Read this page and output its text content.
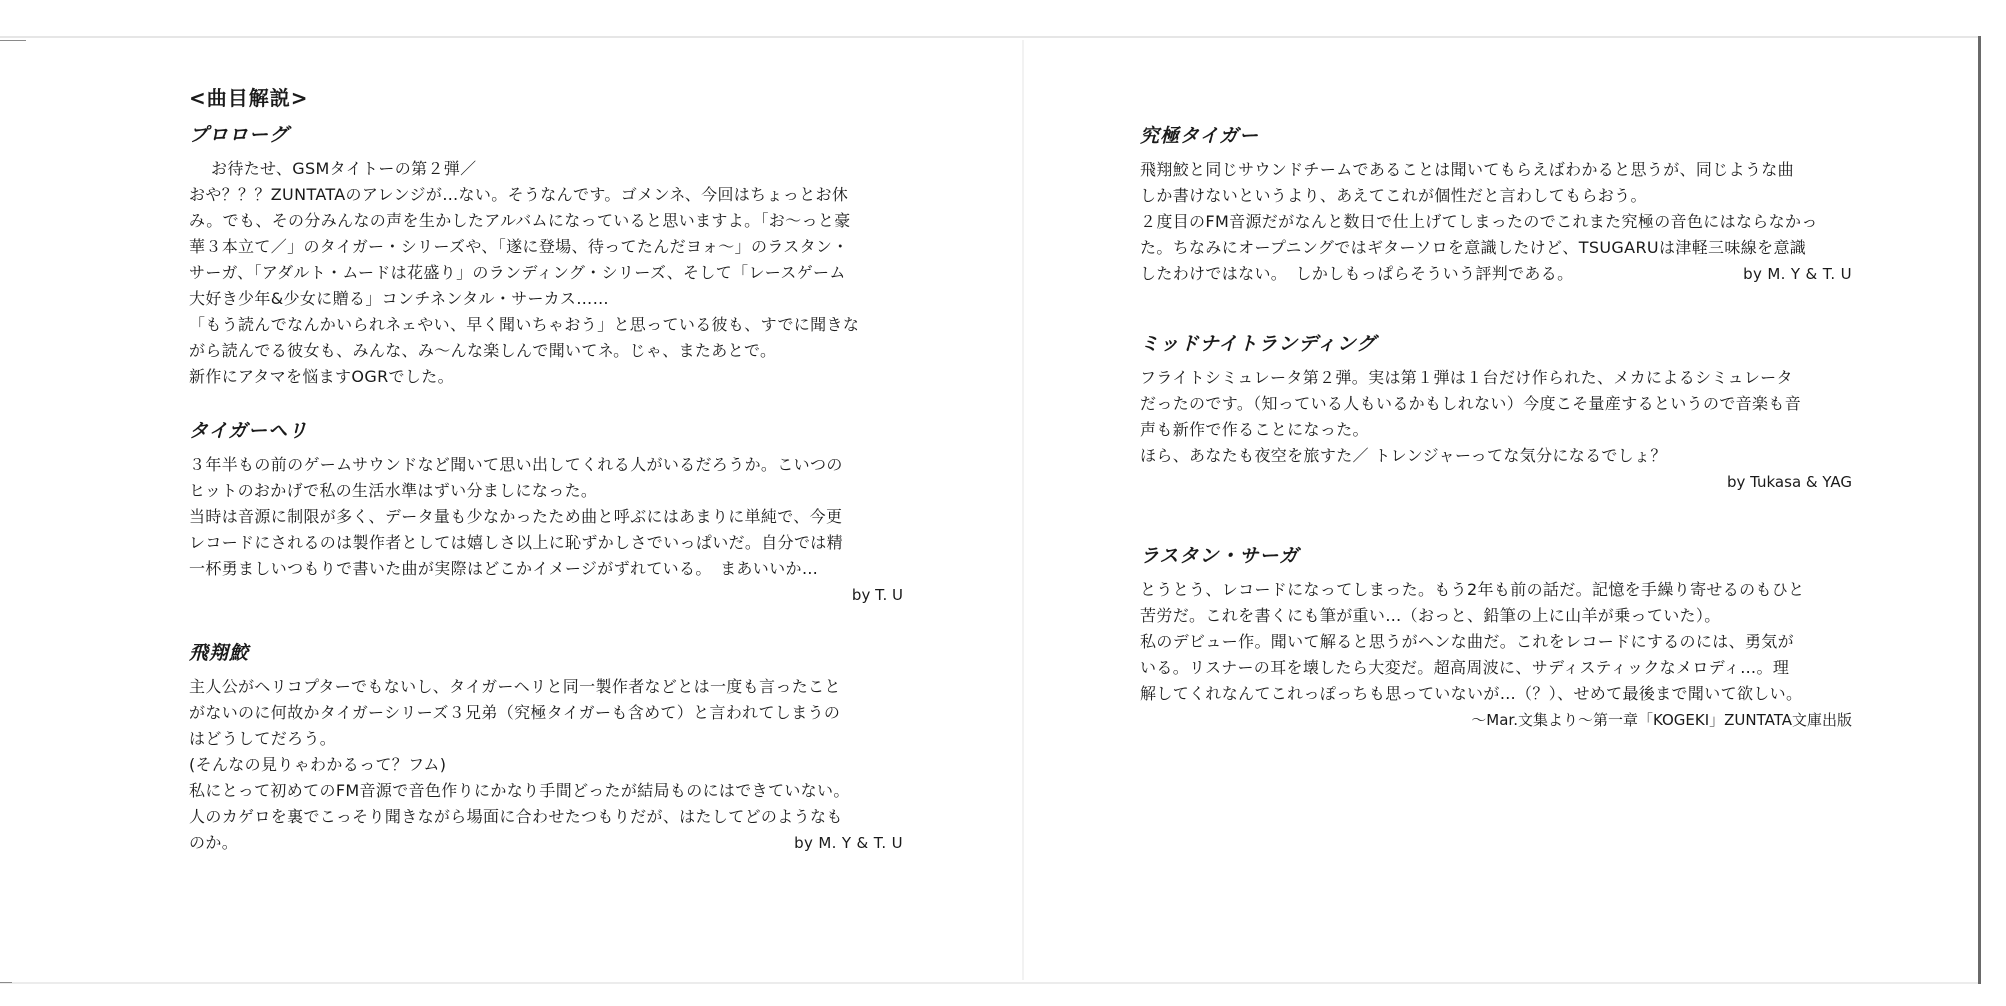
<曲目解説>
プロローグ
お待たせ、GSMタイトーの第２弾／
おや？？？ZUNTATAのアレンジが…ない。そうなんです。ゴメンネ、今回はちょっとお休
み。でも、その分みんなの声を生かしたアルバムになっていると思いますよ。「お～っと豪
華３本立て／」のタイガー・シリーズや、「遂に登場、待ってたんだヨォ～」のラスタン・
サーガ、「アダルト・ムードは花盛り」のランディング・シリーズ、そして「レースゲーム
大好き少年&少女に贈る」コンチネンタル・サーカス……
「もう読んでなんかいられネェやい、早く聞いちゃおう」と思っている彼も、すでに聞きな
がら読んでる彼女も、みんな、み～んな楽しんで聞いてネ。じゃ、またあとで。
新作にアタマを悩ますOGRでした。
タイガーヘリ
３年半もの前のゲームサウンドなど聞いて思い出してくれる人がいるだろうか。こいつの
ヒットのおかげで私の生活水準はずい分ましになった。
当時は音源に制限が多く、データ量も少なかったため曲と呼ぶにはあまりに単純で、今更
レコードにされるのは製作者としては嬉しさ以上に恥ずかしさでいっぱいだ。自分では精
一杯勇ましいつもりで書いた曲が実際はどこかイメージがずれている。　まあいいか…
by T. U
飛翔鮫
主人公がヘリコプターでもないし、タイガーヘリと同一製作者などとは一度も言ったこと
がないのに何故かタイガーシリーズ３兄弟（究極タイガーも含めて）と言われてしまうの
はどうしてだろう。
(そんなの見りゃわかるって？フム)
私にとって初めてのFM音源で音色作りにかなり手間どったが結局ものにはできていない。
人のカゲロを裏でこっそり聞きながら場面に合わせたつもりだが、はたしてどのようなも
のか。	by M. Y & T. U
究極タイガー
飛翔鮫と同じサウンドチームであることは聞いてもらえばわかると思うが、同じような曲
しか書けないというより、あえてこれが個性だと言わしてもらおう。
２度目のFM音源だがなんと数日で仕上げてしまったのでこれまた究極の音色にはならなかっ
た。ちなみにオープニングではギターソロを意識したけど、TSUGARUは津軽三味線を意識
したわけではない。　しかしもっぱらそういう評判である。	by M. Y & T. U
ミッドナイトランディング
フライトシミュレータ第２弾。実は第１弾は１台だけ作られた、メカによるシミュレータ
だったのです。（知っている人もいるかもしれない）今度こそ量産するというので音楽も音
声も新作で作ることになった。
ほら、あなたも夜空を旅すた／ トレンジャーってな気分になるでしょ？
by Tukasa & YAG
ラスタン・サーガ
とうとう、レコードになってしまった。もう2年も前の話だ。記憶を手繰り寄せるのもひと
苦労だ。これを書くにも筆が重い…（おっと、鉛筆の上に山羊が乗っていた）。
私のデビュー作。聞いて解ると思うがヘンな曲だ。これをレコードにするのには、勇気が
いる。リスナーの耳を壊したら大変だ。超高周波に、サディスティックなメロディ…。理
解してくれなんてこれっぽっちも思っていないが…（？）、せめて最後まで聞いて欲しい。
～Mar.文集より～第一章「KOGEKI」ZUNTATA文庫出版
